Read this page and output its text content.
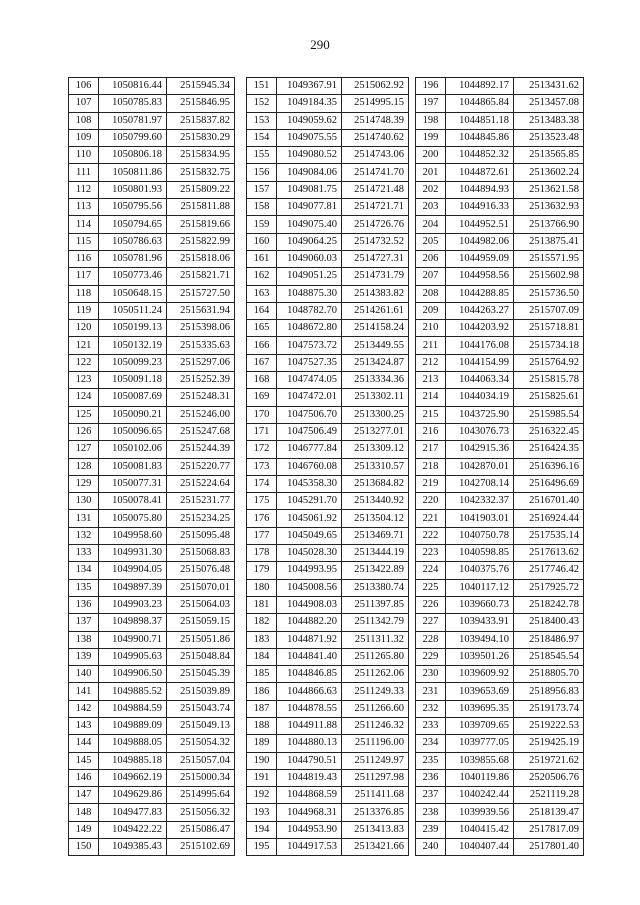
290
106	1050816.44	2515945.34
107	1050785.83	2515846.95
108	1050781.97	2515837.82
109	1050799.60	2515830.29
110	1050806.18	2515834.95
111	1050811.86	2515832.75
112	1050801.93	2515809.22
113	1050795.56	2515811.88
114	1050794.65	2515819.66
115	1050786.63	2515822.99
116	1050781.96	2515818.06
117	1050773.46	2515821.71
118	1050648.15	2515727.50
119	1050511.24	2515631.94
120	1050199.13	2515398.06
121	1050132.19	2515335.63
122	1050099.23	2515297.06
123	1050091.18	2515252.39
124	1050087.69	2515248.31
125	1050090.21	2515246.00
126	1050096.65	2515247.68
127	1050102.06	2515244.39
128	1050081.83	2515220.77
129	1050077.31	2515224.64
130	1050078.41	2515231.77
131	1050075.80	2515234.25
132	1049958.60	2515095.48
133	1049931.30	2515068.83
134	1049904.05	2515076.48
135	1049897.39	2515070.01
136	1049903.23	2515064.03
137	1049898.37	2515059.15
138	1049900.71	2515051.86
139	1049905.63	2515048.84
140	1049906.50	2515045.39
141	1049885.52	2515039.89
142	1049884.59	2515043.74
143	1049889.09	2515049.13
144	1049888.05	2515054.32
145	1049885.18	2515057.04
146	1049662.19	2515000.34
147	1049629.86	2514995.64
148	1049477.83	2515056.32
149	1049422.22	2515086.47
150	1049385.43	2515102.69
151	1049367.91	2515062.92
152	1049184.35	2514995.15
153	1049059.62	2514748.39
154	1049075.55	2514740.62
155	1049080.52	2514743.06
156	1049084.06	2514741.70
157	1049081.75	2514721.48
158	1049077.81	2514721.71
159	1049075.40	2514726.76
160	1049064.25	2514732.52
161	1049060.03	2514727.31
162	1049051.25	2514731.79
163	1048875.30	2514383.82
164	1048782.70	2514261.61
165	1048672.80	2514158.24
166	1047573.72	2513449.55
167	1047527.35	2513424.87
168	1047474.05	2513334.36
169	1047472.01	2513302.11
170	1047506.70	2513300.25
171	1047506.49	2513277.01
172	1046777.84	2513309.12
173	1046760.08	2513310.57
174	1045358.30	2513684.82
175	1045291.70	2513440.92
176	1045061.92	2513504.12
177	1045049.65	2513469.71
178	1045028.30	2513444.19
179	1044993.95	2513422.89
180	1045008.56	2513380.74
181	1044908.03	2511397.85
182	1044882.20	2511342.79
183	1044871.92	2511311.32
184	1044841.40	2511265.80
185	1044846.85	2511262.06
186	1044866.63	2511249.33
187	1044878.55	2511266.60
188	1044911.88	2511246.32
189	1044880.13	2511196.00
190	1044790.51	2511249.97
191	1044819.43	2511297.98
192	1044868.59	2511411.68
193	1044968.31	2513376.85
194	1044953.90	2513413.83
195	1044917.53	2513421.66
196	1044892.17	2513431.62
197	1044865.84	2513457.08
198	1044851.18	2513483.38
199	1044845.86	2513523.48
200	1044852.32	2513565.85
201	1044872.61	2513602.24
202	1044894.93	2513621.58
203	1044916.33	2513632.93
204	1044952.51	2513766.90
205	1044982.06	2513875.41
206	1044959.09	2515571.95
207	1044958.56	2515602.98
208	1044288.85	2515736.50
209	1044263.27	2515707.09
210	1044203.92	2515718.81
211	1044176.08	2515734.18
212	1044154.99	2515764.92
213	1044063.34	2515815.78
214	1044034.19	2515825.61
215	1043725.90	2515985.54
216	1043076.73	2516322.45
217	1042915.36	2516424.35
218	1042870.01	2516396.16
219	1042708.14	2516496.69
220	1042332.37	2516701.40
221	1041903.01	2516924.44
222	1040750.78	2517535.14
223	1040598.85	2517613.62
224	1040375.76	2517746.42
225	1040117.12	2517925.72
226	1039660.73	2518242.78
227	1039433.91	2518400.43
228	1039494.10	2518486.97
229	1039501.26	2518545.54
230	1039609.92	2518805.70
231	1039653.69	2518956.83
232	1039695.35	2519173.74
233	1039709.65	2519222.53
234	1039777.05	2519425.19
235	1039855.68	2519721.62
236	1040119.86	2520506.76
237	1040242.44	2521119.28
238	1039939.56	2518139.47
239	1040415.42	2517817.09
240	1040407.44	2517801.40
